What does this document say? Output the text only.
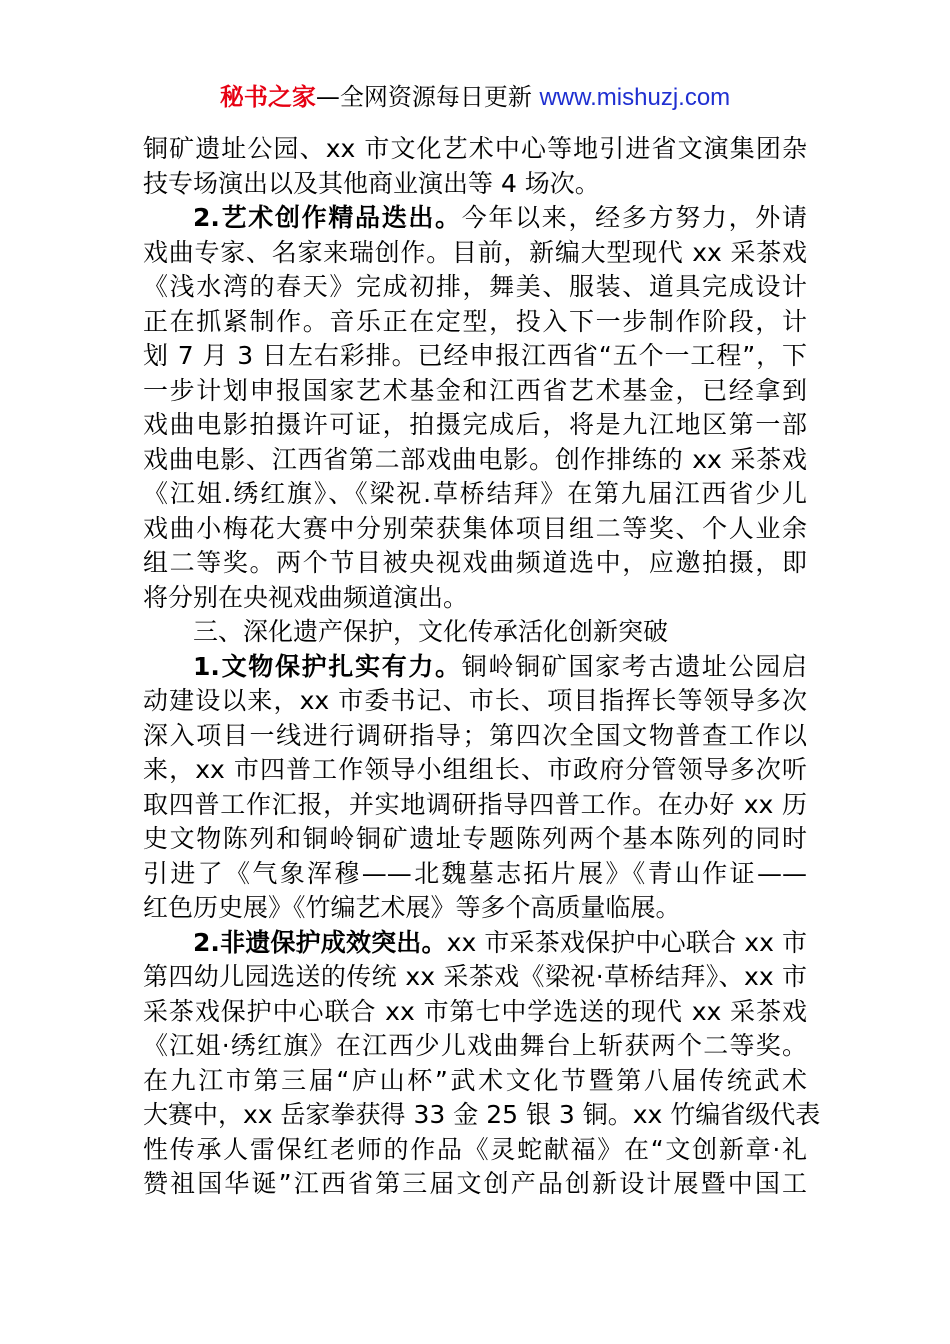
秘书之家—全网资源每日更新 www.mishuzj.com
铜矿遗址公园、xx 市文化艺术中心等地引进省文演集团杂
技专场演出以及其他商业演出等 4 场次。
2.艺术创作精品迭出。今年以来，经多方努力，外请
戏曲专家、名家来瑞创作。目前，新编大型现代 xx 采茶戏
《浅水湾的春天》完成初排，舞美、服装、道具完成设计
正在抓紧制作。音乐正在定型，投入下一步制作阶段，计
划 7 月 3 日左右彩排。已经申报江西省“五个一工程”，下
一步计划申报国家艺术基金和江西省艺术基金，已经拿到
戏曲电影拍摄许可证，拍摄完成后，将是九江地区第一部
戏曲电影、江西省第二部戏曲电影。创作排练的 xx 采茶戏
《江姐.绣红旗》、《梁祝.草桥结拜》在第九届江西省少儿
戏曲小梅花大赛中分别荣获集体项目组二等奖、个人业余
组二等奖。两个节目被央视戏曲频道选中，应邀拍摄，即
将分别在央视戏曲频道演出。
三、深化遗产保护，文化传承活化创新突破
1.文物保护扎实有力。铜岭铜矿国家考古遗址公园启
动建设以来，xx 市委书记、市长、项目指挥长等领导多次
深入项目一线进行调研指导；第四次全国文物普查工作以
来，xx 市四普工作领导小组组长、市政府分管领导多次听
取四普工作汇报，并实地调研指导四普工作。在办好 xx 历
史文物陈列和铜岭铜矿遗址专题陈列两个基本陈列的同时
引进了《气象浑穆——北魏墓志拓片展》《青山作证——
红色历史展》《竹编艺术展》等多个高质量临展。
2.非遗保护成效突出。xx 市采茶戏保护中心联合 xx 市
第四幼儿园选送的传统 xx 采茶戏《梁祝·草桥结拜》、xx 市
采茶戏保护中心联合 xx 市第七中学选送的现代 xx 采茶戏
《江姐·绣红旗》在江西少儿戏曲舞台上斩获两个二等奖。
在九江市第三届“庐山杯”武术文化节暨第八届传统武术
大赛中，xx 岳家拳获得 33 金 25 银 3 铜。xx 竹编省级代表
性传承人雷保红老师的作品《灵蛇献福》在“文创新章·礼
赞祖国华诞”江西省第三届文创产品创新设计展暨中国工
